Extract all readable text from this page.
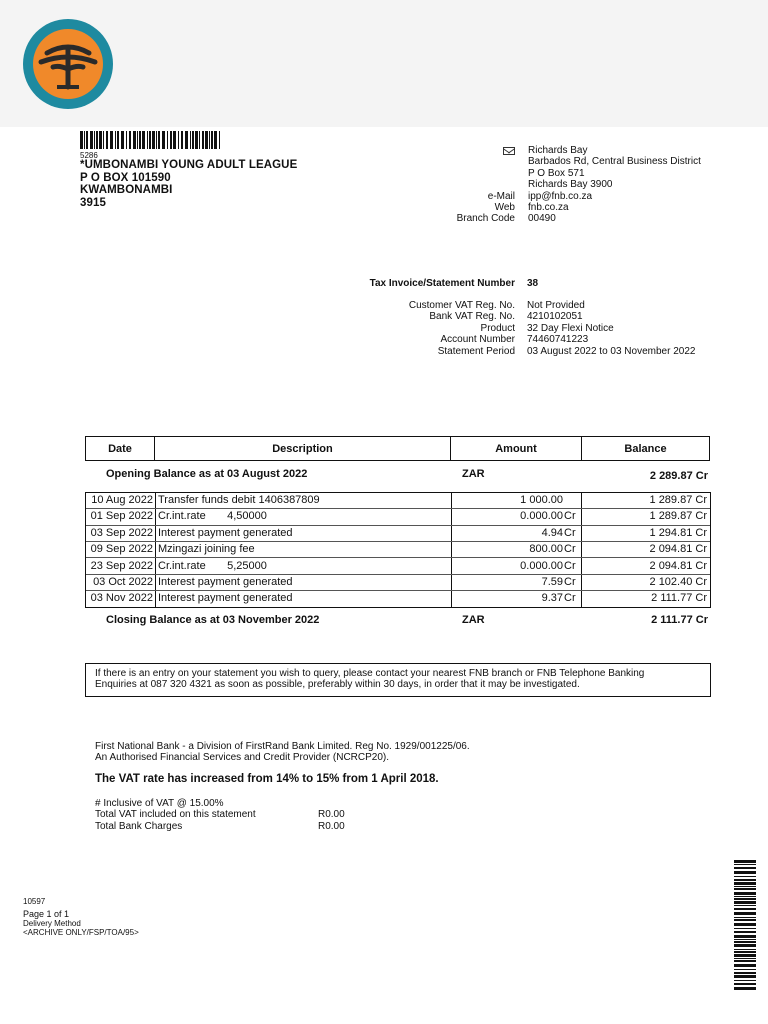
5286
*UMBONAMBI YOUNG ADULT LEAGUE
P O BOX 101590
KWAMBONAMBI
3915
Richards Bay
Barbados Rd, Central Business District
P O Box 571
Richards Bay 3900
e-Mail	ipp@fnb.co.za
Web	fnb.co.za
Branch Code	00490
Tax Invoice/Statement Number	38
Customer VAT Reg. No.	Not Provided
Bank VAT Reg. No.	4210102051
Product	32 Day Flexi Notice
Account Number	74460741223
Statement Period	03 August 2022 to 03 November 2022
Date	Description	Amount	Balance
Opening Balance as at 03 August 2022	ZAR	2 289.87 Cr
10 Aug 2022 Transfer funds debit 1406387809	1 000.00	1 289.87 Cr
01 Sep 2022 Cr.int.rate       4,50000	0.000.00 Cr	1 289.87 Cr
03 Sep 2022 Interest payment generated	4.94 Cr	1 294.81 Cr
09 Sep 2022 Mzingazi joining fee	800.00 Cr	2 094.81 Cr
23 Sep 2022 Cr.int.rate       5,25000	0.000.00 Cr	2 094.81 Cr
03 Oct 2022 Interest payment generated	7.59 Cr	2 102.40 Cr
03 Nov 2022 Interest payment generated	9.37 Cr	2 111.77 Cr
Closing Balance as at 03 November 2022	ZAR	2 111.77 Cr
If there is an entry on your statement you wish to query, please contact your nearest FNB branch or FNB Telephone Banking
Enquiries at 087 320 4321 as soon as possible, preferably within 30 days, in order that it may be investigated.
First National Bank - a Division of FirstRand Bank Limited. Reg No. 1929/001225/06.
An Authorised Financial Services and Credit Provider (NCRCP20).
The VAT rate has increased from 14% to 15% from 1 April 2018.
# Inclusive of VAT @ 15.00%
Total VAT included on this statement	R0.00
Total Bank Charges	R0.00
10597
Page 1 of 1
Delivery Method
<ARCHIVE ONLY/FSP/TOA/95>
